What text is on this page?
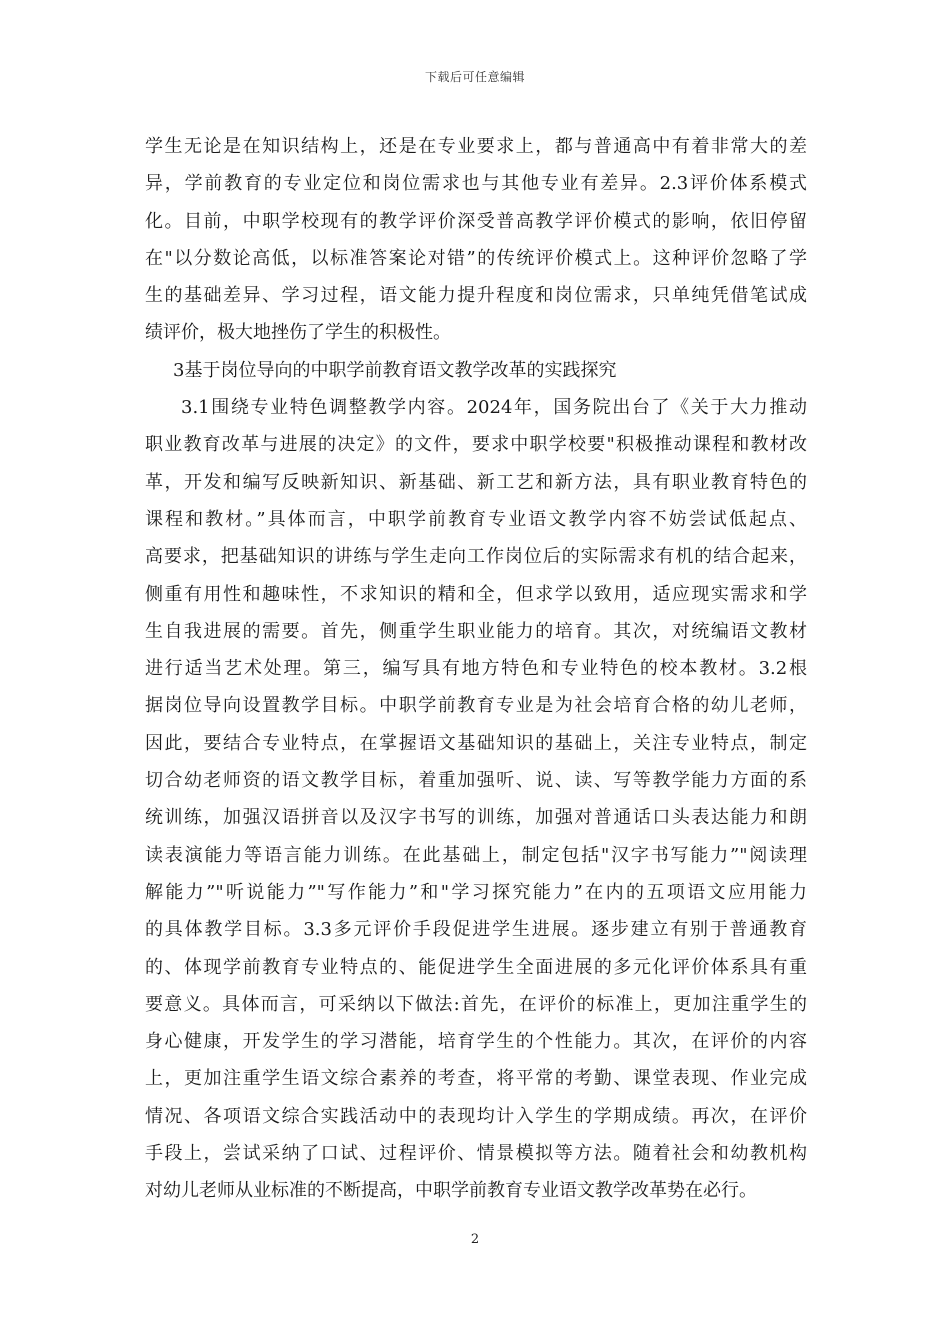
下载后可任意编辑
学生无论是在知识结构上，还是在专业要求上，都与普通高中有着非常大的差
异，学前教育的专业定位和岗位需求也与其他专业有差异。2.3评价体系模式
化。目前，中职学校现有的教学评价深受普高教学评价模式的影响，依旧停留
在"以分数论高低，以标准答案论对错”的传统评价模式上。这种评价忽略了学
生的基础差异、学习过程，语文能力提升程度和岗位需求，只单纯凭借笔试成
绩评价，极大地挫伤了学生的积极性。
3基于岗位导向的中职学前教育语文教学改革的实践探究
3.1围绕专业特色调整教学内容。2024年，国务院出台了《关于大力推动
职业教育改革与进展的决定》的文件，要求中职学校要"积极推动课程和教材改
革，开发和编写反映新知识、新基础、新工艺和新方法，具有职业教育特色的
课程和教材。”具体而言，中职学前教育专业语文教学内容不妨尝试低起点、
高要求，把基础知识的讲练与学生走向工作岗位后的实际需求有机的结合起来，
侧重有用性和趣味性，不求知识的精和全，但求学以致用，适应现实需求和学
生自我进展的需要。首先，侧重学生职业能力的培育。其次，对统编语文教材
进行适当艺术处理。第三，编写具有地方特色和专业特色的校本教材。3.2根
据岗位导向设置教学目标。中职学前教育专业是为社会培育合格的幼儿老师，
因此，要结合专业特点，在掌握语文基础知识的基础上，关注专业特点，制定
切合幼老师资的语文教学目标，着重加强听、说、读、写等教学能力方面的系
统训练，加强汉语拼音以及汉字书写的训练，加强对普通话口头表达能力和朗
读表演能力等语言能力训练。在此基础上，制定包括"汉字书写能力”"阅读理
解能力”"听说能力”"写作能力”和"学习探究能力”在内的五项语文应用能力
的具体教学目标。3.3多元评价手段促进学生进展。逐步建立有别于普通教育
的、体现学前教育专业特点的、能促进学生全面进展的多元化评价体系具有重
要意义。具体而言，可采纳以下做法:首先，在评价的标准上，更加注重学生的
身心健康，开发学生的学习潜能，培育学生的个性能力。其次，在评价的内容
上，更加注重学生语文综合素养的考查，将平常的考勤、课堂表现、作业完成
情况、各项语文综合实践活动中的表现均计入学生的学期成绩。再次，在评价
手段上，尝试采纳了口试、过程评价、情景模拟等方法。随着社会和幼教机构
对幼儿老师从业标准的不断提高，中职学前教育专业语文教学改革势在必行。
2
